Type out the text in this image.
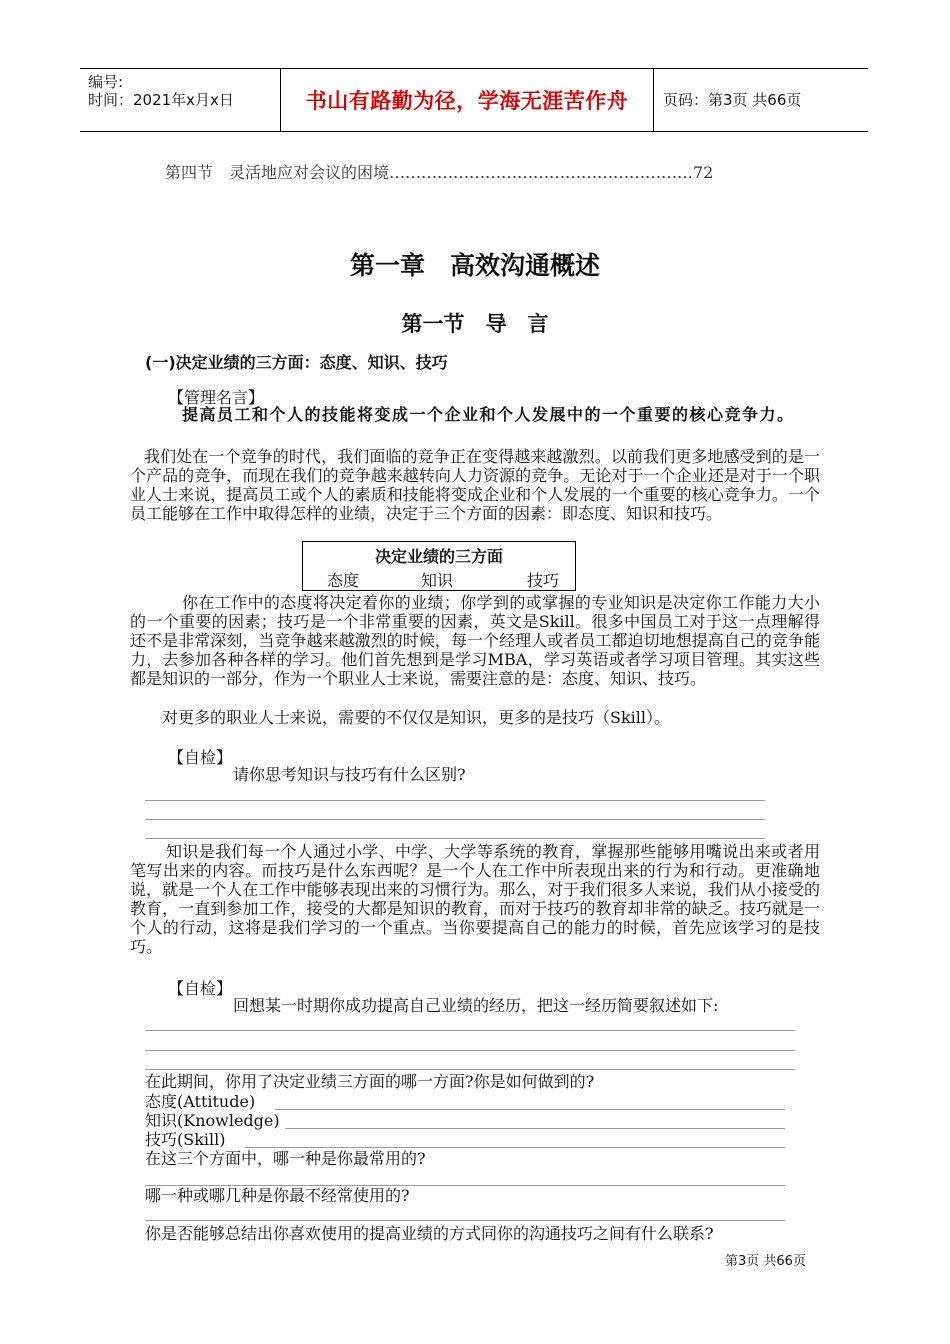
编号:
时间：2021年x月x日	书山有路勤为径，学海无涯苦作舟 页码：第3页 共66页
第四节　灵活地应对会议的困境…………………………………………………72
第一章　高效沟通概述
第一节　导　言
(一)决定业绩的三方面：态度、知识、技巧
【管理名言】
提高员工和个人的技能将变成一个企业和个人发展中的一个重要的核心竞争力。
我们处在一个竞争的时代，我们面临的竞争正在变得越来越激烈。以前我们更多地感受到的是一个产品的竞争，而现在我们的竞争越来越转向人力资源的竞争。无论对于一个企业还是对于一个职业人士来说，提高员工或个人的素质和技能将变成企业和个人发展的一个重要的核心竞争力。一个员工能够在工作中取得怎样的业绩，决定于三个方面的因素：即态度、知识和技巧。
决定业绩的三方面
态度	知识	技巧
你在工作中的态度将决定着你的业绩；你学到的或掌握的专业知识是决定你工作能力大小的一个重要的因素；技巧是一个非常重要的因素，英文是Skill。很多中国员工对于这一点理解得还不是非常深刻，当竞争越来越激烈的时候，每一个经理人或者员工都迫切地想提高自己的竞争能力，去参加各种各样的学习。他们首先想到是学习MBA，学习英语或者学习项目管理。其实这些都是知识的一部分，作为一个职业人士来说，需要注意的是：态度、知识、技巧。
对更多的职业人士来说，需要的不仅仅是知识，更多的是技巧（Skill）。
【自检】
请你思考知识与技巧有什么区别?
知识是我们每一个人通过小学、中学、大学等系统的教育，掌握那些能够用嘴说出来或者用笔写出来的内容。而技巧是什么东西呢？是一个人在工作中所表现出来的行为和行动。更准确地说，就是一个人在工作中能够表现出来的习惯行为。那么，对于我们很多人来说，我们从小接受的教育，一直到参加工作，接受的大都是知识的教育，而对于技巧的教育却非常的缺乏。技巧就是一个人的行动，这将是我们学习的一个重点。当你要提高自己的能力的时候，首先应该学习的是技巧。
【自检】
回想某一时期你成功提高自己业绩的经历，把这一经历简要叙述如下:
在此期间，你用了决定业绩三方面的哪一方面?你是如何做到的?
态度(Attitude)
知识(Knowledge)
技巧(Skill)
在这三个方面中，哪一种是你最常用的?
哪一种或哪几种是你最不经常使用的?
你是否能够总结出你喜欢使用的提高业绩的方式同你的沟通技巧之间有什么联系?
第3页 共66页
